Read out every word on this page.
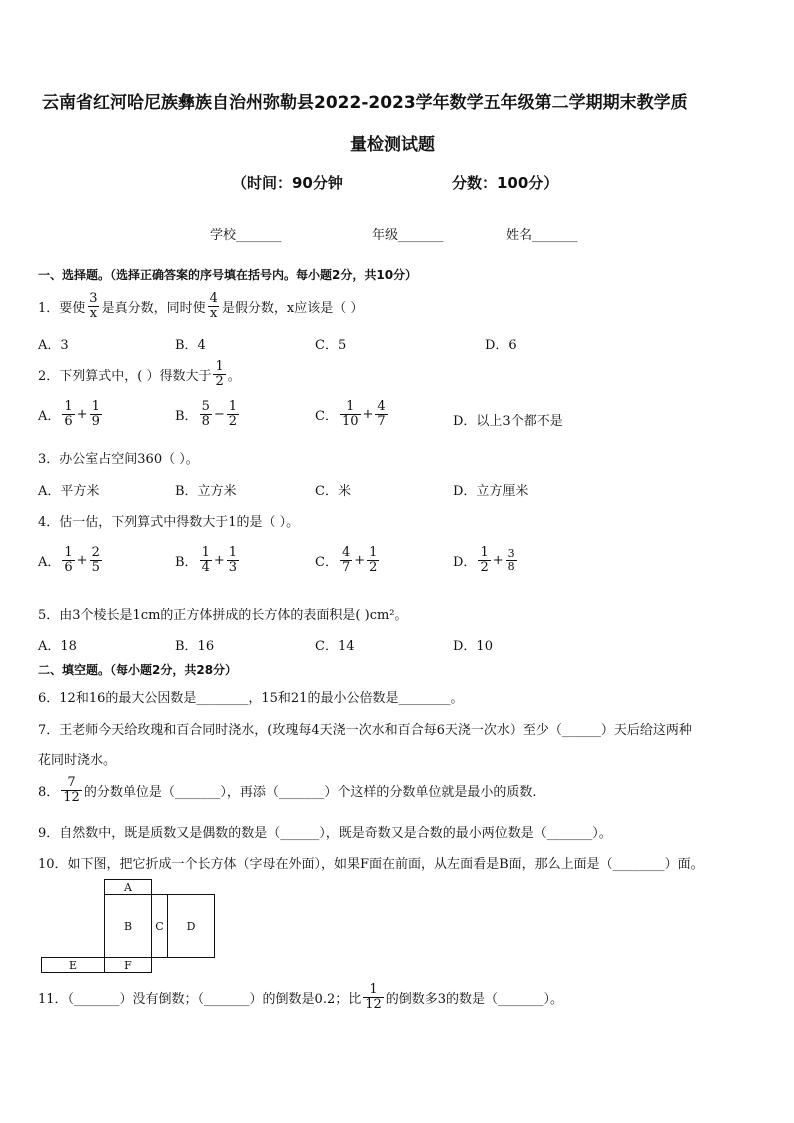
云南省红河哈尼族彝族自治州弥勒县2022-2023学年数学五年级第二学期期末教学质
量检测试题
（时间：90分钟	分数：100分）
学校_______	年级_______	姓名_______
一、选择题。（选择正确答案的序号填在括号内。每小题2分，共10分）
1．要使 $\frac{3}{x}$ 是真分数，同时使 $\frac{4}{x}$ 是假分数，x应该是（ ）
A．3	B．4	C．5	D．6
2．下列算式中，( ）得数大于 $\frac{1}{2}$ 。
A． $\frac{1}{6} + \frac{1}{9}$	B． $\frac{5}{8} - \frac{1}{2}$	C． $\frac{1}{10} + \frac{4}{7}$	D．以上3个都不是
3．办公室占空间360（ ）。
A．平方米	B．立方米	C．米	D．立方厘米
4．估一估，下列算式中得数大于1的是（ ）。
A． $\frac{1}{6} + \frac{2}{5}$	B． $\frac{1}{4} + \frac{1}{3}$	C． $\frac{4}{7} + \frac{1}{2}$	D． $\frac{1}{2} + \frac{3}{8}$
5．由3个棱长是1cm的正方体拼成的长方体的表面积是( )cm²。
A．18	B．16	C．14	D．10
二、填空题。（每小题2分，共28分）
6．12和16的最大公因数是________，15和21的最小公倍数是________。
7．王老师今天给玫瑰和百合同时浇水，(玫瑰每4天浇一次水和百合每6天浇一次水）至少（______）天后给这两种
花同时浇水。
8． $\frac{7}{12}$ 的分数单位是（_______），再添（_______）个这样的分数单位就是最小的质数.
9．自然数中，既是质数又是偶数的数是（______），既是奇数又是合数的最小两位数是（_______）。
10．如下图，把它折成一个长方体（字母在外面），如果F面在前面，从左面看是B面，那么上面是（________）面。
A
B	C	D
E	F
11．（_______）没有倒数；（_______）的倒数是0.2；比 $\frac{1}{12}$ 的倒数多3的数是（_______）。
